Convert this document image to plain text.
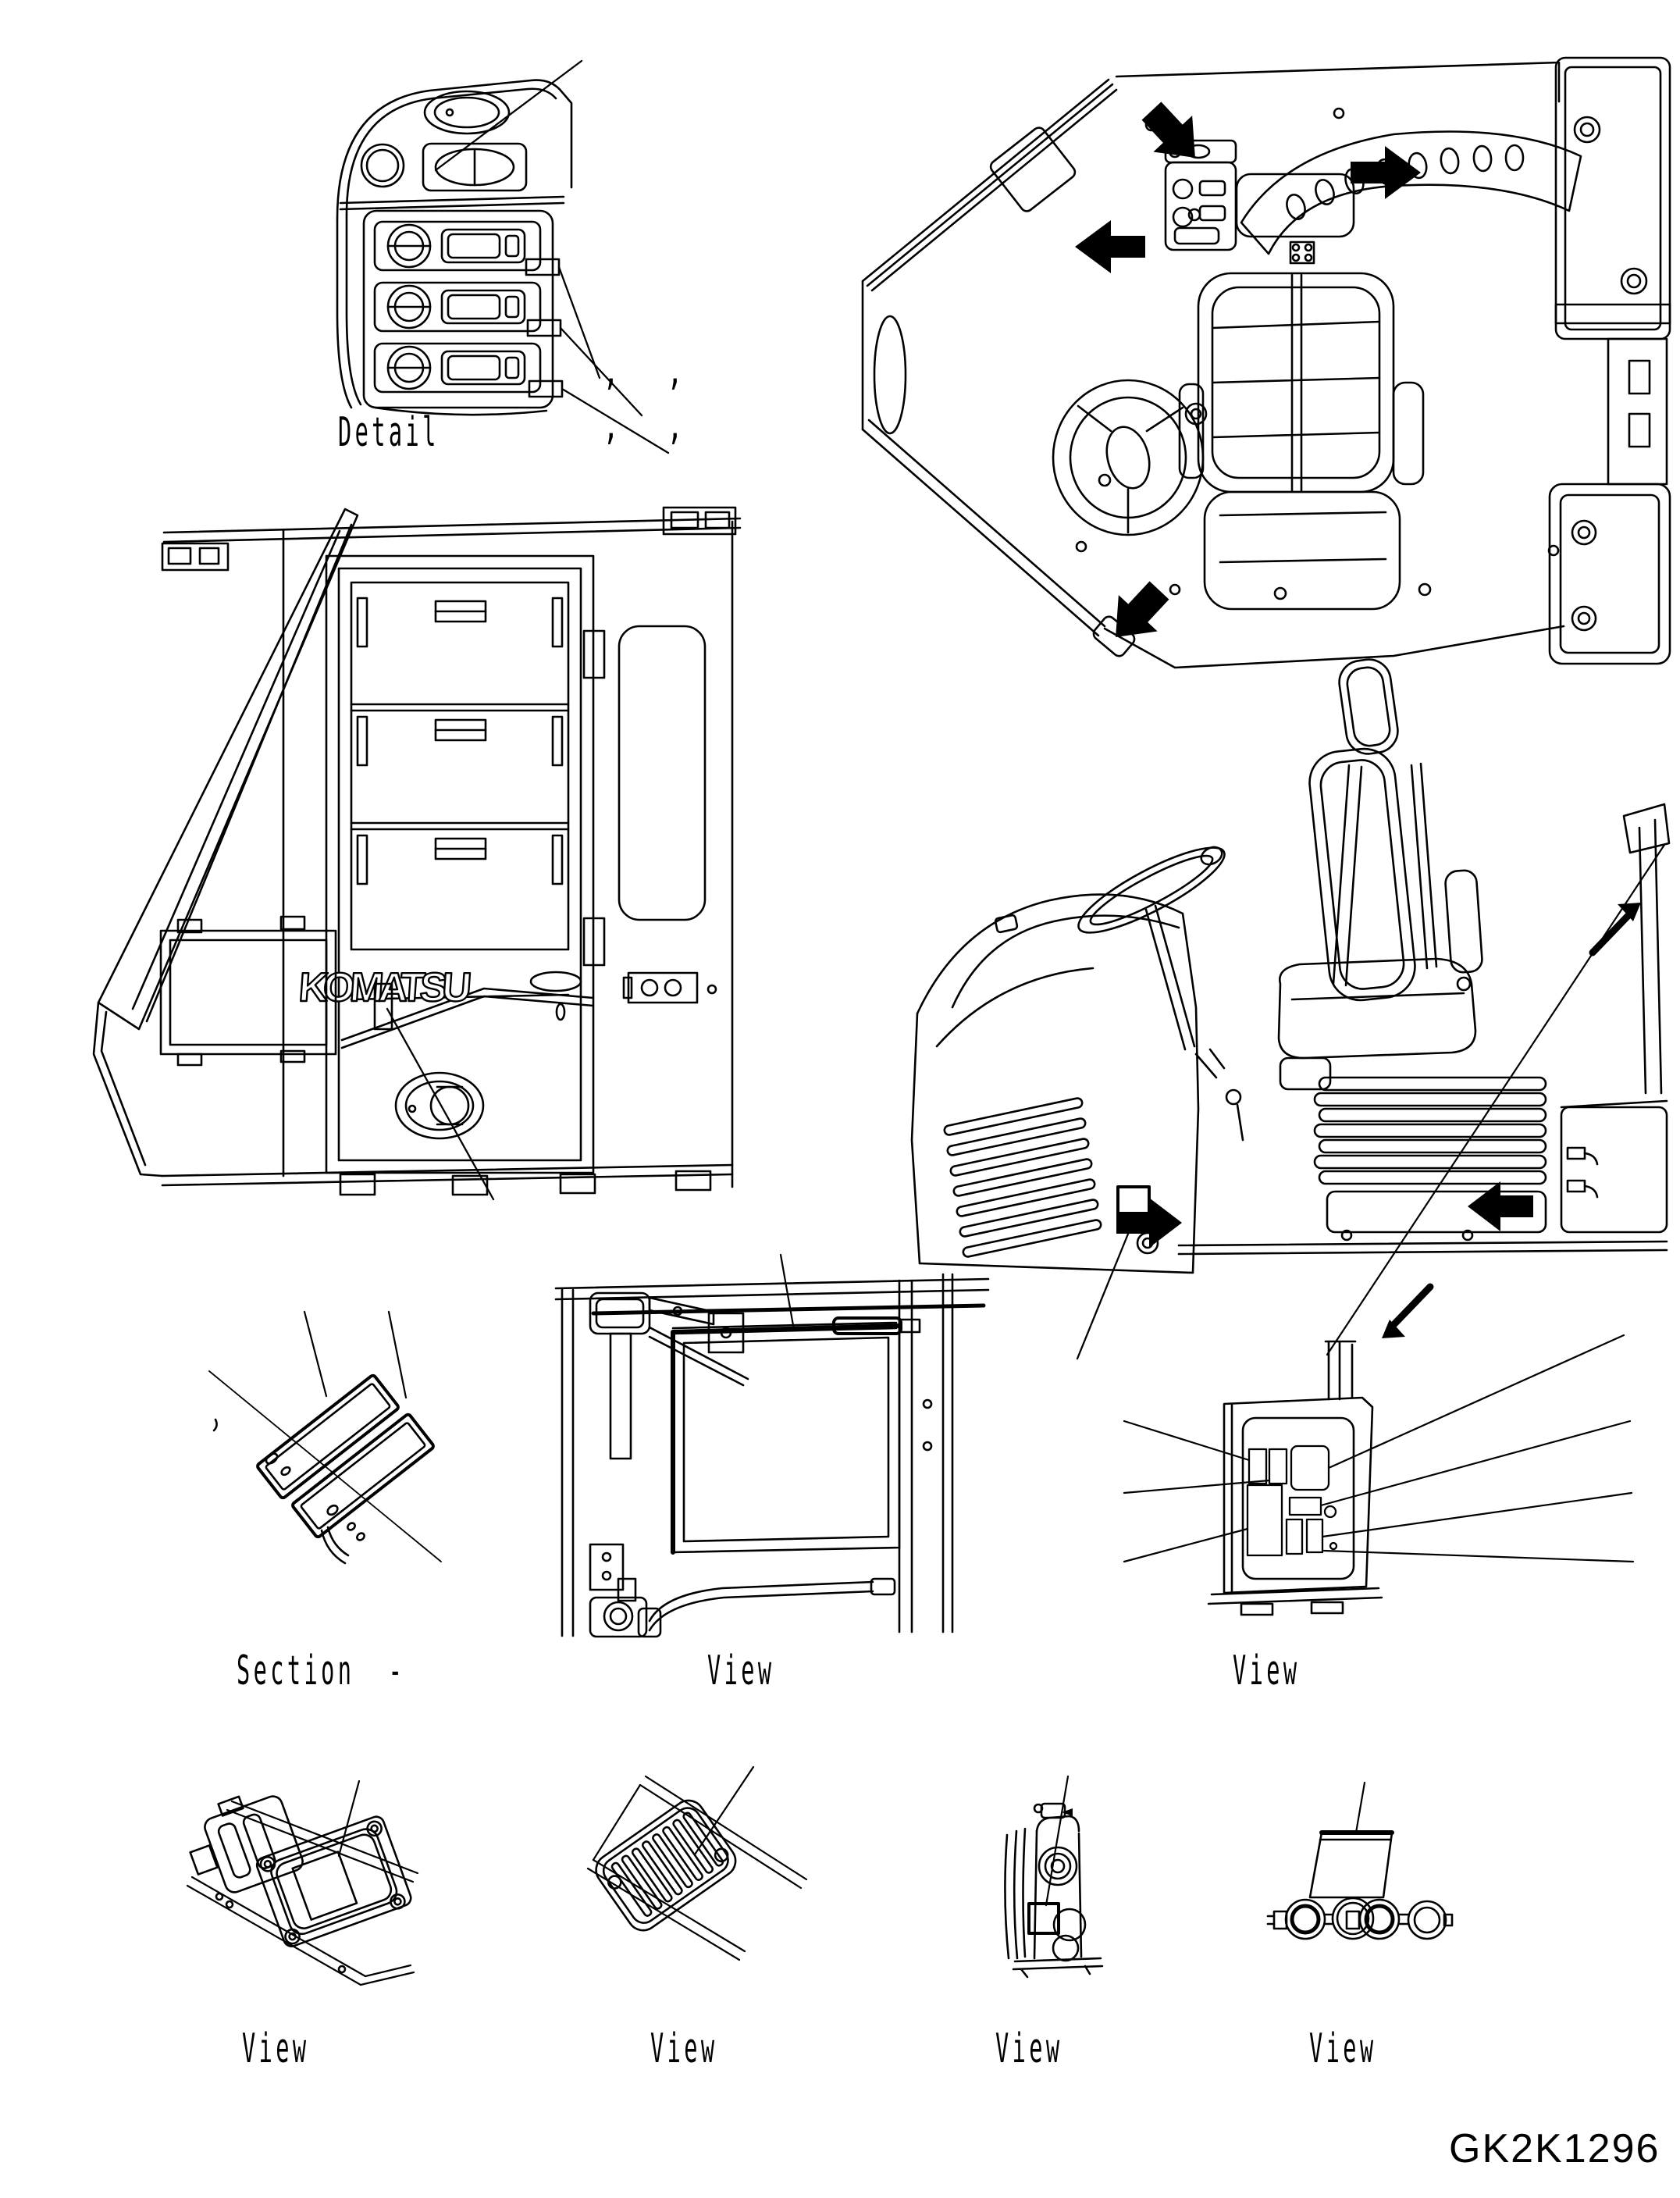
KOMATSU
Detail
, ,
, ,
Section  -	View	View
View	View	View	View
GK2K1296
